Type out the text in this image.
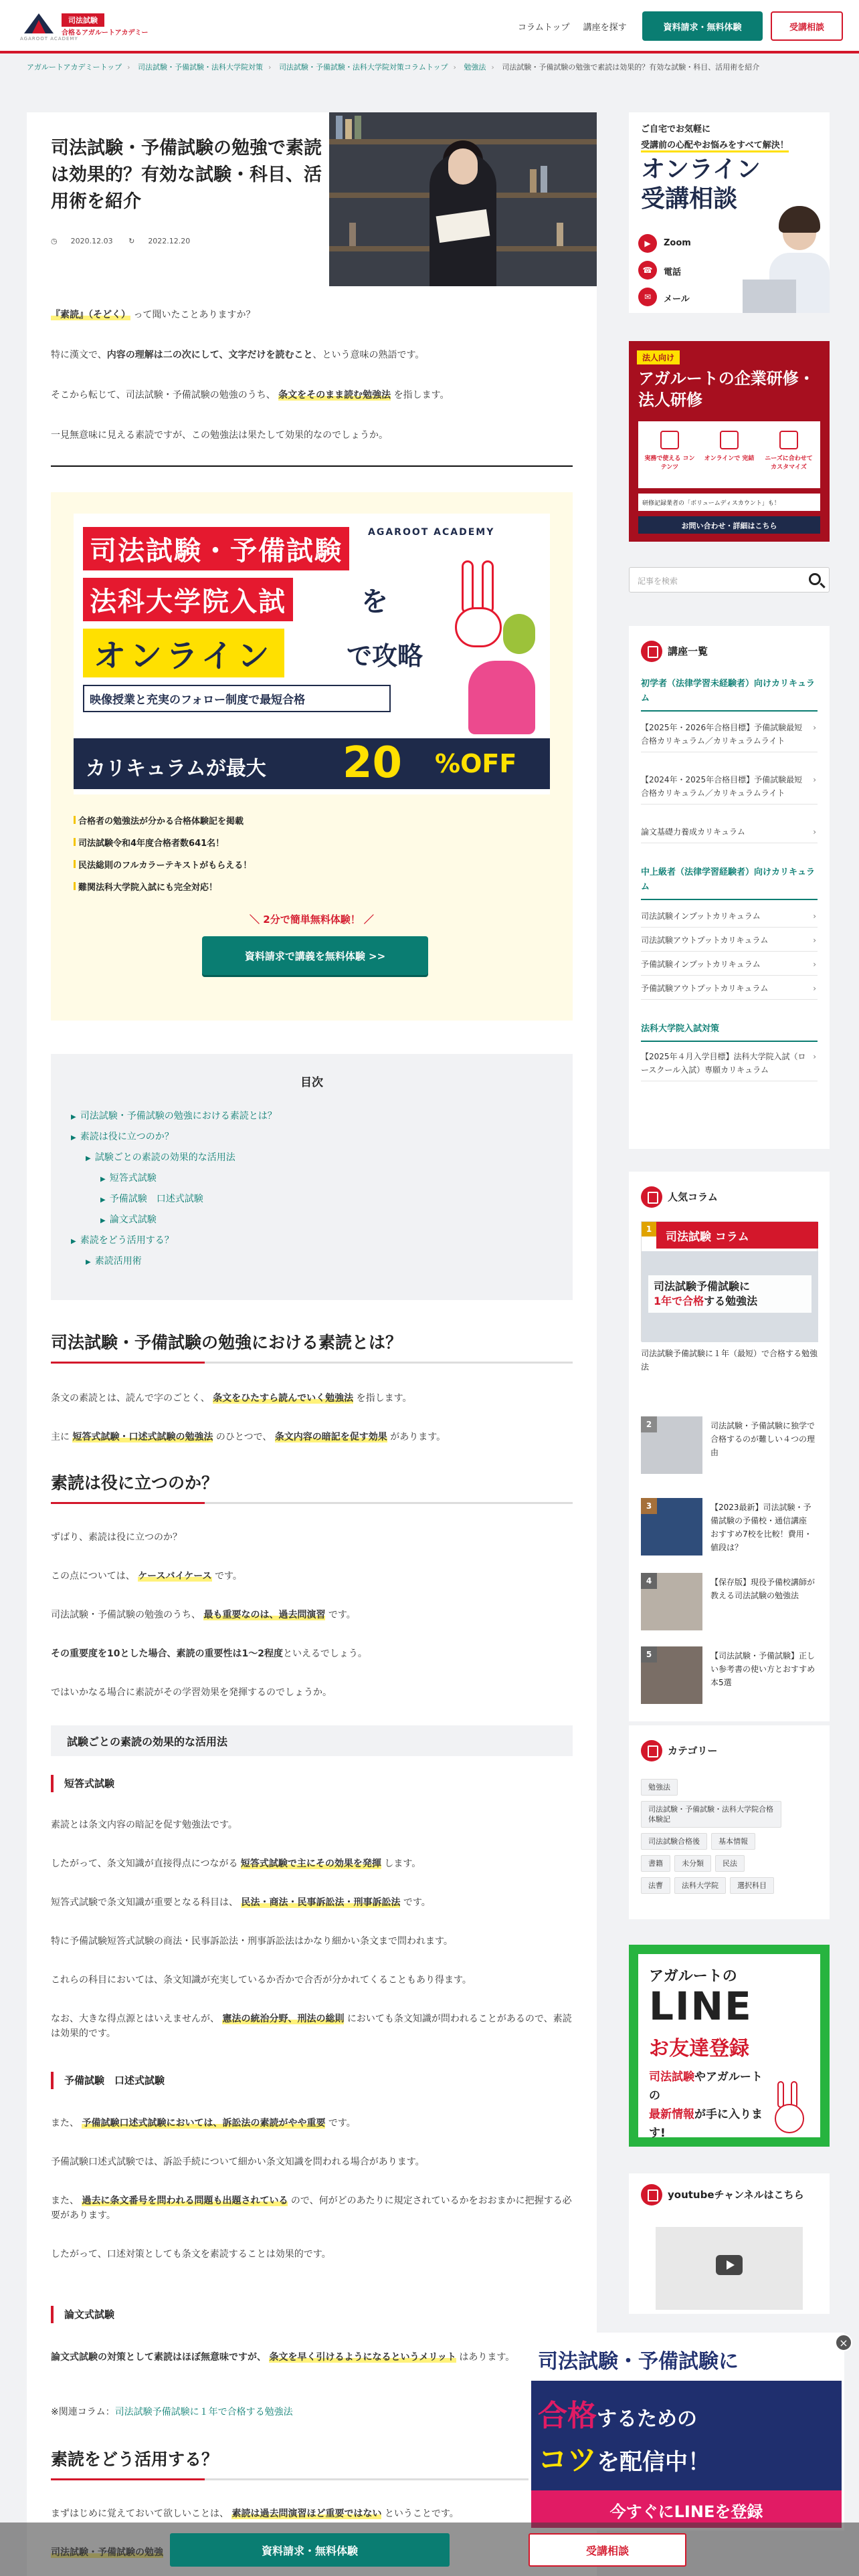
AGAROOT ACADEMY
司法試験
合格るアガルートアカデミー
コラムトップ 講座を探す	資料請求・無料体験	受講相談
アガルートアカデミートップ › 司法試験・予備試験・法科大学院対策 › 司法試験・予備試験・法科大学院対策コラムトップ › 勉強法 › 司法試験・予備試験の勉強で素読は効果的？有効な試験・科目、活用術を紹介
司法試験・予備試験の勉強で素読は効果的？有効な試験・科目、活用術を紹介
◷ 2020.12.03 ↻ 2022.12.20

『素読』（そどく） って聞いたことありますか？

特に漢文で、内容の理解は二の次にして、文字だけを読むこと、という意味の熟語です。

そこから転じて、司法試験・予備試験の勉強のうち、 条文をそのまま読む勉強法 を指します。

一見無意味に見える素読ですが、この勉強法は果たして効果的なのでしょうか。

司法試験・予備試験
AGAROOT ACADEMY
法科大学院入試	を
オンライン	で攻略
映像授業と充実のフォロー制度で最短合格
カリキュラムが最大 20 %OFF
合格者の勉強法が分かる合格体験記を掲載
司法試験令和4年度合格者数641名！
民法総則のフルカラーテキストがもらえる！
難関法科大学院入試にも完全対応！
＼ 2分で簡単無料体験！ ／
資料請求で講義を無料体験 >>
目次
▶ 司法試験・予備試験の勉強における素読とは？
▶ 素読は役に立つのか？
▶ 試験ごとの素読の効果的な活用法
▶ 短答式試験
▶ 予備試験　口述式試験
▶ 論文式試験
▶ 素読をどう活用する？
▶ 素読活用術
司法試験・予備試験の勉強における素読とは？

条文の素読とは、読んで字のごとく、 条文をひたすら読んでいく勉強法 を指します。

主に 短答式試験・口述式試験の勉強法 のひとつで、 条文内容の暗記を促す効果 があります。

素読は役に立つのか？

ずばり、素読は役に立つのか？

この点については、 ケースバイケース です。

司法試験・予備試験の勉強のうち、 最も重要なのは、過去問演習 です。

その重要度を10とした場合、素読の重要性は1〜2程度といえるでしょう。

ではいかなる場合に素読がその学習効果を発揮するのでしょうか。

試験ごとの素読の効果的な活用法
短答式試験

素読とは条文内容の暗記を促す勉強法です。

したがって、条文知識が直接得点につながる 短答式試験で主にその効果を発揮 します。

短答式試験で条文知識が重要となる科目は、 民法・商法・民事訴訟法・刑事訴訟法 です。

特に予備試験短答式試験の商法・民事訴訟法・刑事訴訟法はかなり細かい条文まで問われます。

これらの科目においては、条文知識が充実しているか否かで合否が分かれてくることもあり得ます。

なお、大きな得点源とはいえませんが、 憲法の統治分野、刑法の総則 においても条文知識が問われることがあるので、素読は効果的です。

予備試験　口述式試験

また、 予備試験口述式試験においては、訴訟法の素読がやや重要 です。

予備試験口述式試験では、訴訟手続について細かい条文知識を問われる場合があります。

また、 過去に条文番号を問われる問題も出題されている ので、何がどのあたりに規定されているかをおおまかに把握する必要があります。

したがって、口述対策としても条文を素読することは効果的です。

論文式試験

論文式試験の対策として素読はほぼ無意味ですが、 条文を早く引けるようになるというメリット はあります。

※関連コラム：司法試験予備試験に１年で合格する勉強法

素読をどう活用する？

まずはじめに覚えておいて欲しいことは、 素読は過去問演習ほど重要ではない ということです。

ご自宅でお気軽に
受講前の心配やお悩みをすべて解決！
オンライン受講相談
▶	Zoom
☎	電話
✉	メール
法人向け
アガルートの企業研修・法人研修
実務で使える コンテンツ
オンラインで 完結	ニーズに合わせて カスタマイズ
研修記録業者の「ボリュームディスカウント」も！
お問い合わせ・詳細はこちら
記事を検索
講座一覧
初学者（法律学習未経験者）向けカリキュラム
【2025年・2026年合格目標】予備試験最短合格カリキュラム／カリキュラムライト ›
【2024年・2025年合格目標】予備試験最短合格カリキュラム／カリキュラムライト ›
論文基礎力養成カリキュラム ›
中上級者（法律学習経験者）向けカリキュラム
司法試験インプットカリキュラム ›
司法試験アウトプットカリキュラム ›
予備試験インプットカリキュラム ›
予備試験アウトプットカリキュラム ›
法科大学院入試対策
【2025年４月入学目標】法科大学院入試（ロースクール入試）専願カリキュラム ›
人気コラム
1
司法試験 コラム
司法試験予備試験に
1年で合格する勉強法
司法試験予備試験に１年（最短）で合格する勉強法
2	司法試験・予備試験に独学で合格するのが難しい４つの理由
3	【2023最新】司法試験・予備試験の予備校・通信講座　おすすめ7校を比較！費用・値段は？
4	【保存版】現役予備校講師が教える司法試験の勉強法
5	【司法試験・予備試験】正しい参考書の使い方とおすすめ本5選
カテゴリー
勉強法
司法試験・予備試験・法科大学院合格体験記
司法試験合格後	基本情報
書籍	未分類	民法
法曹	法科大学院	選択科目
アガルートの
LINE
お友達登録
司法試験やアガルートの
最新情報が手に入ります!
youtubeチャンネルはこちら
司法試験・予備試験に
合格するための
コツを配信中！
今すぐにLINEを登録
×
資料請求・無料体験	受講相談
